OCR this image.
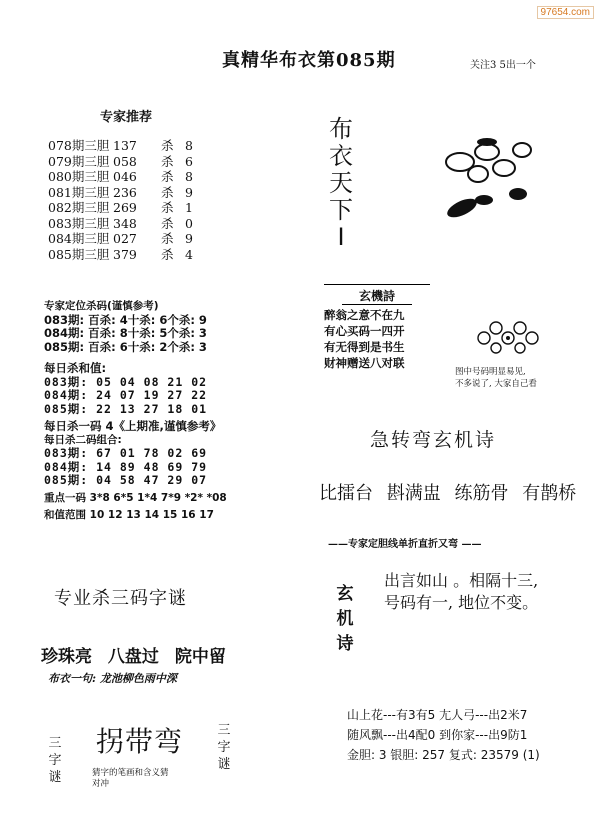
97654.com
真精华布衣第085期	关注3 5出一个
专家推荐
078期三胆 137	杀 8
079期三胆 058	杀 6
080期三胆 046	杀 8
081期三胆 236	杀 9
082期三胆 269	杀 1
083期三胆 348	杀 0
084期三胆 027	杀 9
085期三胆 379	杀 4
专家定位杀码(谨慎参考)
083期: 百杀: 4十杀: 6个杀: 9
084期: 百杀: 8十杀: 5个杀: 3
085期: 百杀: 6十杀: 2个杀: 3
每日杀和值:
083期: 05 04 08 21 02
084期: 24 07 19 27 22
085期: 22 13 27 18 01
每日杀一码 4《上期准,谨慎参考》
每日杀二码组合:
083期: 67 01 78 02 69
084期: 14 89 48 69 79
085期: 04 58 47 29 07
重点一码 3*8 6*5 1*4 7*9 *2* *08
和值范围 10 12 13 14 15 16 17
专业杀三码字谜
珍珠亮 八盘过 院中留
布衣一句: 龙池柳色雨中深
三字谜
拐带弯	三字谜
猜字的笔画和含义猜
对冲
布
衣
天
下
I
玄機詩
醉翁之意不在九
有心买码一四开
有无得到是书生
财神赠送八对联
图中号码明显易见,
不多说了, 大家自己看
急转弯玄机诗
比擂台 斟满盅 练筋骨 有鹊桥
——专家定胆线单折直折又弯 ——
玄
机
诗
出言如山 。相隔十三,
号码有一, 地位不变。
山上花---有3有5 尢人弓---出2米7
随风飘---出4配0 到你家---出9防1
金胆: 3 银胆: 257 复式: 23579 (1)
